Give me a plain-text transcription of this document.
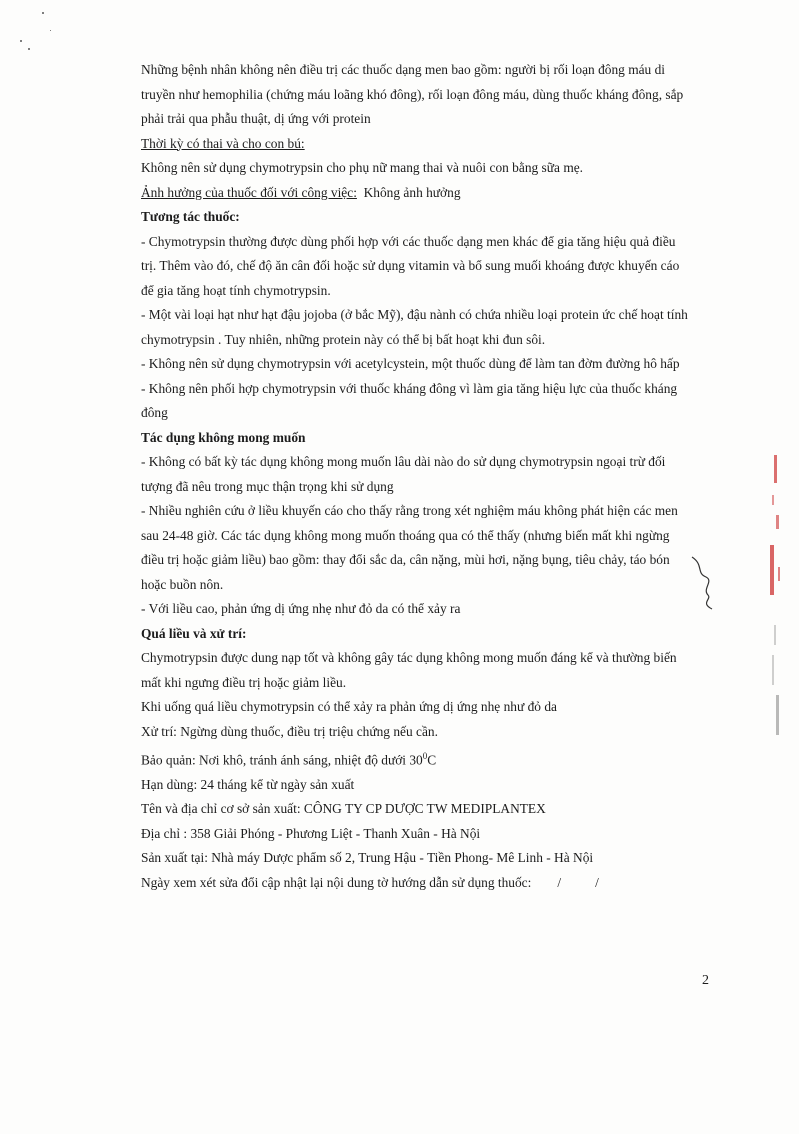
Những bệnh nhân không nên điều trị các thuốc dạng men bao gồm: người bị rối loạn đông máu di
truyền như hemophilia (chứng máu loãng khó đông), rối loạn đông máu, dùng thuốc kháng đông, sắp
phải trải qua phẫu thuật, dị ứng với protein
Thời kỳ có thai và cho con bú:
Không nên sử dụng chymotrypsin cho phụ nữ mang thai và nuôi con bằng sữa mẹ.
Ảnh hưởng của thuốc đối với công việc: Không ảnh hưởng
Tương tác thuốc:
- Chymotrypsin thường được dùng phối hợp với các thuốc dạng men khác để gia tăng hiệu quả điều
trị. Thêm vào đó, chế độ ăn cân đối hoặc sử dụng vitamin và bổ sung muối khoáng được khuyến cáo
để gia tăng hoạt tính chymotrypsin.
- Một vài loại hạt như hạt đậu jojoba (ở bắc Mỹ), đậu nành có chứa nhiều loại protein ức chế hoạt tính
chymotrypsin . Tuy nhiên, những protein này có thể bị bất hoạt khi đun sôi.
- Không nên sử dụng chymotrypsin với acetylcystein, một thuốc dùng để làm tan đờm đường hô hấp
- Không nên phối hợp chymotrypsin với thuốc kháng đông vì làm gia tăng hiệu lực của thuốc kháng
đông
Tác dụng không mong muốn
- Không có bất kỳ tác dụng không mong muốn lâu dài nào do sử dụng chymotrypsin ngoại trừ đối
tượng đã nêu trong mục thận trọng khi sử dụng
- Nhiều nghiên cứu ở liều khuyến cáo cho thấy rằng trong xét nghiệm máu không phát hiện các men
sau 24-48 giờ. Các tác dụng không mong muốn thoáng qua có thể thấy (nhưng biến mất khi ngừng
điều trị hoặc giảm liều) bao gồm: thay đổi sắc da, cân nặng, mùi hơi, nặng bụng, tiêu chảy, táo bón
hoặc buồn nôn.
- Với liều cao, phản ứng dị ứng nhẹ như đỏ da có thể xảy ra
Quá liều và xử trí:
Chymotrypsin được dung nạp tốt và không gây tác dụng không mong muốn đáng kể và thường biến
mất khi ngưng điều trị hoặc giảm liều.
Khi uống quá liều chymotrypsin có thể xảy ra phản ứng dị ứng nhẹ như đỏ da
Xử trí: Ngừng dùng thuốc, điều trị triệu chứng nếu cần.
Bảo quản: Nơi khô, tránh ánh sáng, nhiệt độ dưới $30^0C$
Hạn dùng: 24 tháng kể từ ngày sản xuất
Tên và địa chỉ cơ sở sản xuất: CÔNG TY CP DƯỢC TW MEDIPLANTEX
Địa chỉ : 358 Giải Phóng - Phương Liệt - Thanh Xuân - Hà Nội
Sản xuất tại: Nhà máy Dược phẩm số 2, Trung Hậu - Tiền Phong- Mê Linh - Hà Nội
Ngày xem xét sửa đổi cập nhật lại nội dung tờ hướng dẫn sử dụng thuốc: /	/
2
